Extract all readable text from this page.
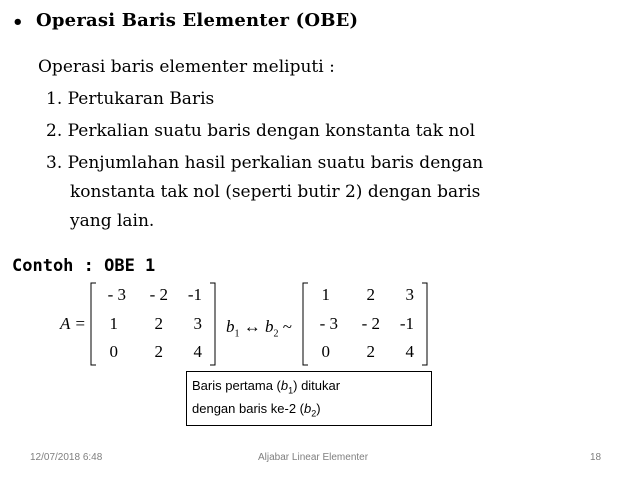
• Operasi Baris Elementer (OBE)
Operasi baris elementer meliputi :
1. Pertukaran Baris
2. Perkalian suatu baris dengan konstanta tak nol
3. Penjumlahan hasil perkalian suatu baris dengan
konstanta tak nol (seperti butir 2) dengan baris
yang lain.
Contoh : OBE 1
A =
- 3	- 2	-1
1	2	3
0	2	4
$b_1$ ↔ $b_2$ ~
1	2	3
- 3	- 2	-1
0	2	4
Baris pertama $(b_1)$ ditukar
dengan baris ke-2 $(b_2)$
12/07/2018 6:48	Aljabar Linear Elementer	18
